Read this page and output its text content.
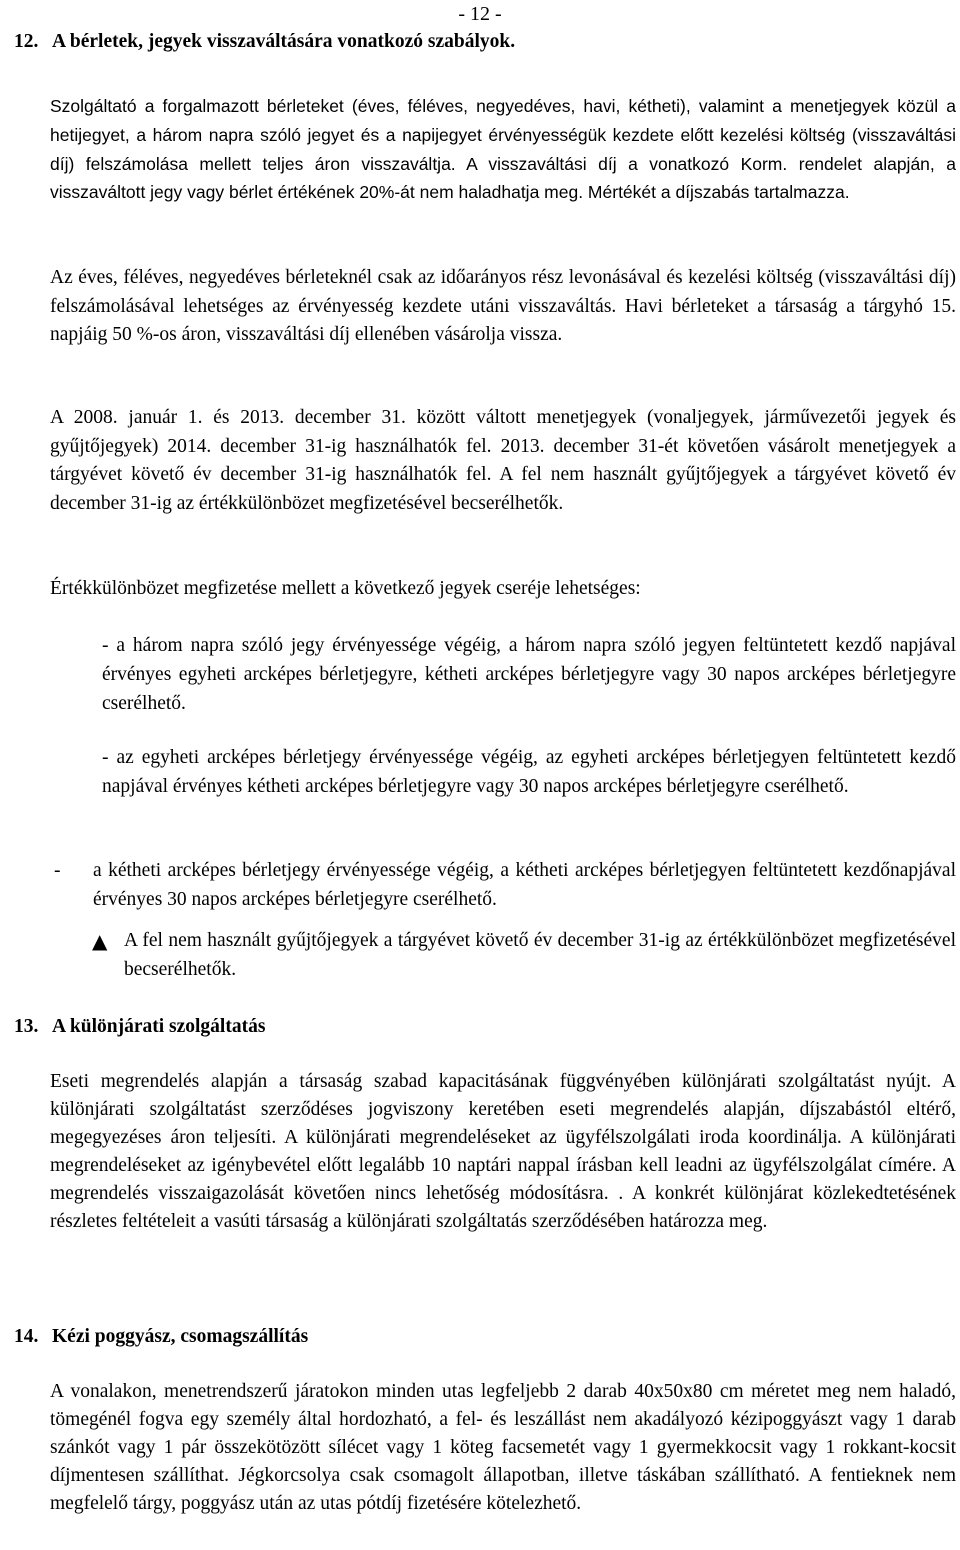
- 12 -
12. A bérletek, jegyek visszaváltására vonatkozó szabályok.
Szolgáltató a forgalmazott bérleteket (éves, féléves, negyedéves, havi, kétheti), valamint a menetjegyek közül a hetijegyet, a három napra szóló jegyet és a napijegyet érvényességük kezdete előtt kezelési költség (visszaváltási díj) felszámolása mellett teljes áron visszaváltja. A visszaváltási díj a vonatkozó Korm. rendelet alapján, a visszaváltott jegy vagy bérlet értékének 20%-át nem haladhatja meg. Mértékét a díjszabás tartalmazza.
Az éves, féléves, negyedéves bérleteknél csak az időarányos rész levonásával és kezelési költség (visszaváltási díj) felszámolásával lehetséges az érvényesség kezdete utáni visszaváltás. Havi bérleteket a társaság a tárgyhó 15. napjáig 50 %-os áron, visszaváltási díj ellenében vásárolja vissza.
A 2008. január 1. és 2013. december 31. között váltott menetjegyek (vonaljegyek, járművezetői jegyek és gyűjtőjegyek) 2014. december 31-ig használhatók fel. 2013. december 31-ét követően vásárolt menetjegyek a tárgyévet követő év december 31-ig használhatók fel. A fel nem használt gyűjtőjegyek a tárgyévet követő év december 31-ig az értékkülönbözet megfizetésével becserélhetők.
Értékkülönbözet megfizetése mellett a következő jegyek cseréje lehetséges:
- a három napra szóló jegy érvényessége végéig, a három napra szóló jegyen feltüntetett kezdő napjával érvényes egyheti arcképes bérletjegyre, kétheti arcképes bérletjegyre vagy 30 napos arcképes bérletjegyre cserélhető.
- az egyheti arcképes bérletjegy érvényessége végéig, az egyheti arcképes bérletjegyen feltüntetett kezdő napjával érvényes kétheti arcképes bérletjegyre vagy 30 napos arcképes bérletjegyre cserélhető.
- a kétheti arcképes bérletjegy érvényessége végéig, a kétheti arcképes bérletjegyen feltüntetett kezdőnapjával érvényes 30 napos arcképes bérletjegyre cserélhető.
▲ A fel nem használt gyűjtőjegyek a tárgyévet követő év december 31-ig az értékkülönbözet megfizetésével becserélhetők.
13. A különjárati szolgáltatás
Eseti megrendelés alapján a társaság szabad kapacitásának függvényében különjárati szolgáltatást nyújt. A különjárati szolgáltatást szerződéses jogviszony keretében eseti megrendelés alapján, díjszabástól eltérő, megegyezéses áron teljesíti. A különjárati megrendeléseket az ügyfélszolgálati iroda koordinálja. A különjárati megrendeléseket az igénybevétel előtt legalább 10 naptári nappal írásban kell leadni az ügyfélszolgálat címére. A megrendelés visszaigazolását követően nincs lehetőség módosításra. . A konkrét különjárat közlekedtetésének részletes feltételeit a vasúti társaság a különjárati szolgáltatás szerződésében határozza meg.
14. Kézi poggyász, csomagszállítás
A vonalakon, menetrendszerű járatokon minden utas legfeljebb 2 darab 40x50x80 cm méretet meg nem haladó, tömegénél fogva egy személy által hordozható, a fel- és leszállást nem akadályozó kézipoggyászt vagy 1 darab szánkót vagy 1 pár összekötözött sílécet vagy 1 köteg facsemetét vagy 1 gyermekkocsit vagy 1 rokkant-kocsit díjmentesen szállíthat. Jégkorcsolya csak csomagolt állapotban, illetve táskában szállítható. A fentieknek nem megfelelő tárgy, poggyász után az utas pótdíj fizetésére kötelezhető.
